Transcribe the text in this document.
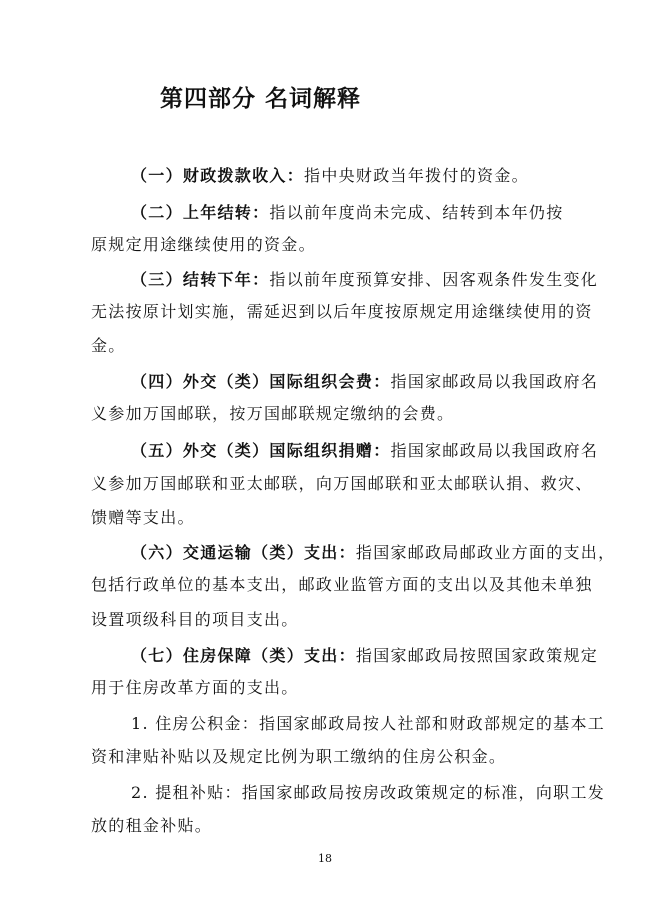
第四部分 名词解释
（一）财政拨款收入：指中央财政当年拨付的资金。
（二）上年结转：指以前年度尚未完成、结转到本年仍按
原规定用途继续使用的资金。
（三）结转下年：指以前年度预算安排、因客观条件发生变化
无法按原计划实施，需延迟到以后年度按原规定用途继续使用的资
金。
（四）外交（类）国际组织会费：指国家邮政局以我国政府名
义参加万国邮联，按万国邮联规定缴纳的会费。
（五）外交（类）国际组织捐赠：指国家邮政局以我国政府名
义参加万国邮联和亚太邮联，向万国邮联和亚太邮联认捐、救灾、
馈赠等支出。
（六）交通运输（类）支出：指国家邮政局邮政业方面的支出，
包括行政单位的基本支出，邮政业监管方面的支出以及其他未单独
设置项级科目的项目支出。
（七）住房保障（类）支出：指国家邮政局按照国家政策规定
用于住房改革方面的支出。
1. 住房公积金：指国家邮政局按人社部和财政部规定的基本工
资和津贴补贴以及规定比例为职工缴纳的住房公积金。
2. 提租补贴：指国家邮政局按房改政策规定的标准，向职工发
放的租金补贴。
18
